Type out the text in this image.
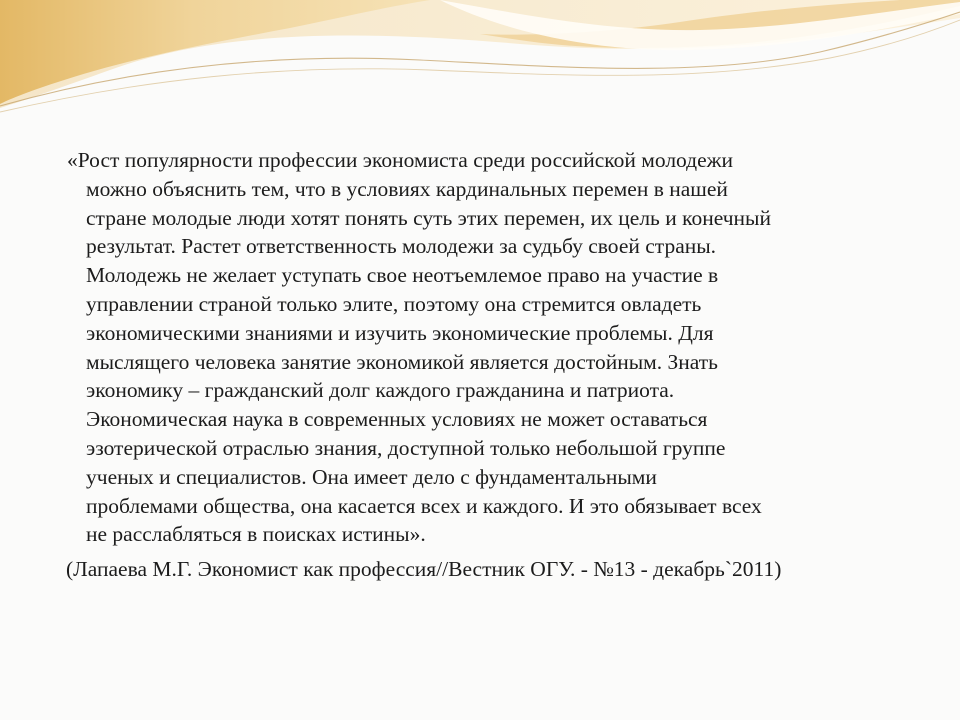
«Рост популярности профессии экономиста среди российской молодежи
можно объяснить тем, что в условиях кардинальных перемен в нашей
стране молодые люди хотят понять суть этих перемен, их цель и конечный
результат. Растет ответственность молодежи за судьбу своей страны.
Молодежь не желает уступать свое неотъемлемое право на участие в
управлении страной только элите, поэтому она стремится овладеть
экономическими знаниями и изучить экономические проблемы. Для
мыслящего человека занятие экономикой является достойным. Знать
экономику – гражданский долг каждого гражданина и патриота.
Экономическая наука в современных условиях не может оставаться
эзотерической отраслью знания, доступной только небольшой группе
ученых и специалистов. Она имеет дело с фундаментальными
проблемами общества, она касается всех и каждого. И это обязывает всех
не расслабляться в поисках истины».

(Лапаева М.Г. Экономист как профессия//Вестник ОГУ. - №13 - декабрь`2011)
